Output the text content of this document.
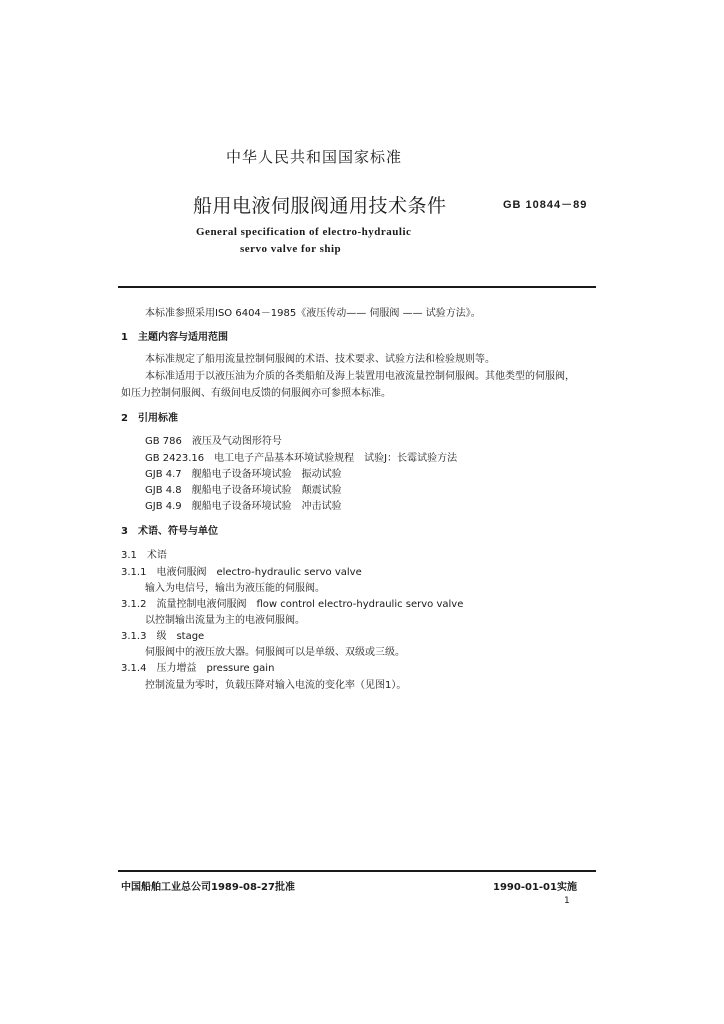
中华人民共和国国家标准
船用电液伺服阀通用技术条件	GB 10844－89
General specification of electro-hydraulic
servo valve for ship
本标准参照采用ISO 6404－1985《液压传动—— 伺服阀 —— 试验方法》。
1　主题内容与适用范围
本标准规定了船用流量控制伺服阀的术语、技术要求、试验方法和检验规则等。
本标准适用于以液压油为介质的各类船舶及海上装置用电液流量控制伺服阀。其他类型的伺服阀，
如压力控制伺服阀、有级间电反馈的伺服阀亦可参照本标准。
2　引用标准
GB 786　液压及气动图形符号
GB 2423.16　电工电子产品基本环境试验规程　试验J：长霉试验方法
GJB 4.7　舰船电子设备环境试验　振动试验
GJB 4.8　舰船电子设备环境试验　颠震试验
GJB 4.9　舰船电子设备环境试验　冲击试验
3　术语、符号与单位
3.1　术语
3.1.1　电液伺服阀　electro-hydraulic servo valve
输入为电信号，输出为液压能的伺服阀。
3.1.2　流量控制电液伺服阀　flow control electro-hydraulic servo valve
以控制输出流量为主的电液伺服阀。
3.1.3　级　stage
伺服阀中的液压放大器。伺服阀可以是单级、双级或三级。
3.1.4　压力增益　pressure gain
控制流量为零时，负载压降对输入电流的变化率（见图1）。
中国船舶工业总公司1989-08-27批准	1990-01-01实施
1
